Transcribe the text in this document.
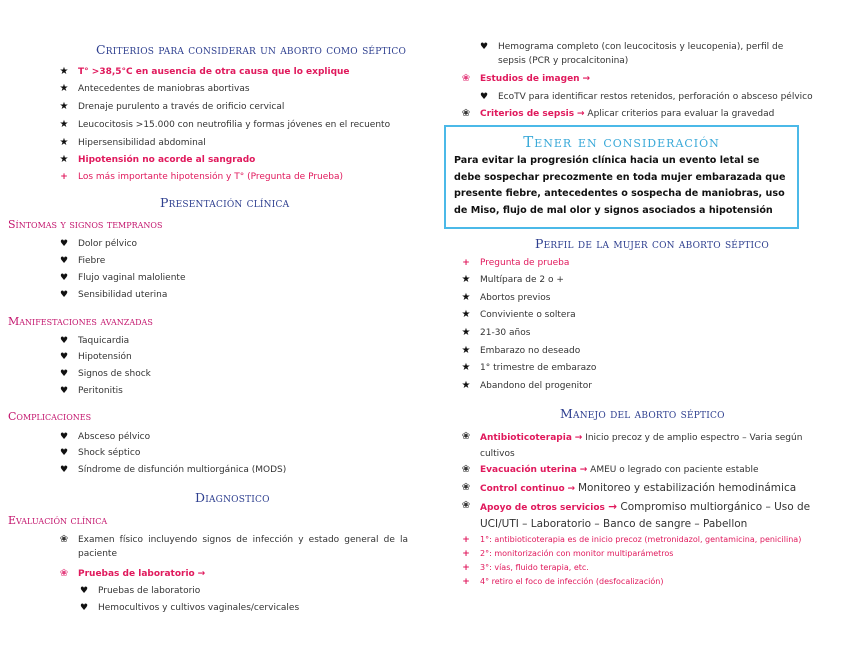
Criterios para considerar un aborto como séptico
★	T° >38,5°C en ausencia de otra causa que lo explique
★	Antecedentes de maniobras abortivas
★	Drenaje purulento a través de orificio cervical
★	Leucocitosis >15.000 con neutrofilia y formas jóvenes en el recuento
★	Hipersensibilidad abdominal
★	Hipotensión no acorde al sangrado
+	Los más importante hipotensión y T° (Pregunta de Prueba)
Presentación clínica
Síntomas y signos tempranos
♥	Dolor pélvico
♥	Fiebre
♥	Flujo vaginal maloliente
♥	Sensibilidad uterina
Manifestaciones avanzadas
♥	Taquicardia
♥	Hipotensión
♥	Signos de shock
♥	Peritonitis
Complicaciones
♥	Absceso pélvico
♥	Shock séptico
♥	Síndrome de disfunción multiorgánica (MODS)
Diagnostico
Evaluación clínica
❀	Examen físico incluyendo signos de infección y estado general de la paciente
❀	Pruebas de laboratorio →
♥	Pruebas de laboratorio
♥	Hemocultivos y cultivos vaginales/cervicales
♥	Hemograma completo (con leucocitosis y leucopenia), perfil de sepsis (PCR y procalcitonina)
❀	Estudios de imagen →
♥	EcoTV para identificar restos retenidos, perforación o absceso pélvico
❀	Criterios de sepsis → Aplicar criterios para evaluar la gravedad
Tener en consideración
Para evitar la progresión clínica hacia un evento letal se debe sospechar precozmente en toda mujer embarazada que presente fiebre, antecedentes o sospecha de maniobras, uso de Miso, flujo de mal olor y signos asociados a hipotensión
Perfil de la mujer con aborto séptico
+	Pregunta de prueba
★	Multípara de 2 o +
★	Abortos previos
★	Conviviente o soltera
★	21-30 años
★	Embarazo no deseado
★	1° trimestre de embarazo
★	Abandono del progenitor
Manejo del aborto séptico
❀	Antibioticoterapia → Inicio precoz y de amplio espectro – Varia según cultivos
❀	Evacuación uterina → AMEU o legrado con paciente estable
❀	Control continuo → Monitoreo y estabilización hemodinámica
❀	Apoyo de otros servicios → Compromiso multiorgánico – Uso de UCI/UTI – Laboratorio – Banco de sangre – Pabellon
+	1°: antibioticoterapia es de inicio precoz (metronidazol, gentamicina, penicilina)
+	2°: monitorización con monitor multiparámetros
+	3°: vías, fluido terapia, etc.
+	4° retiro el foco de infección (desfocalización)
